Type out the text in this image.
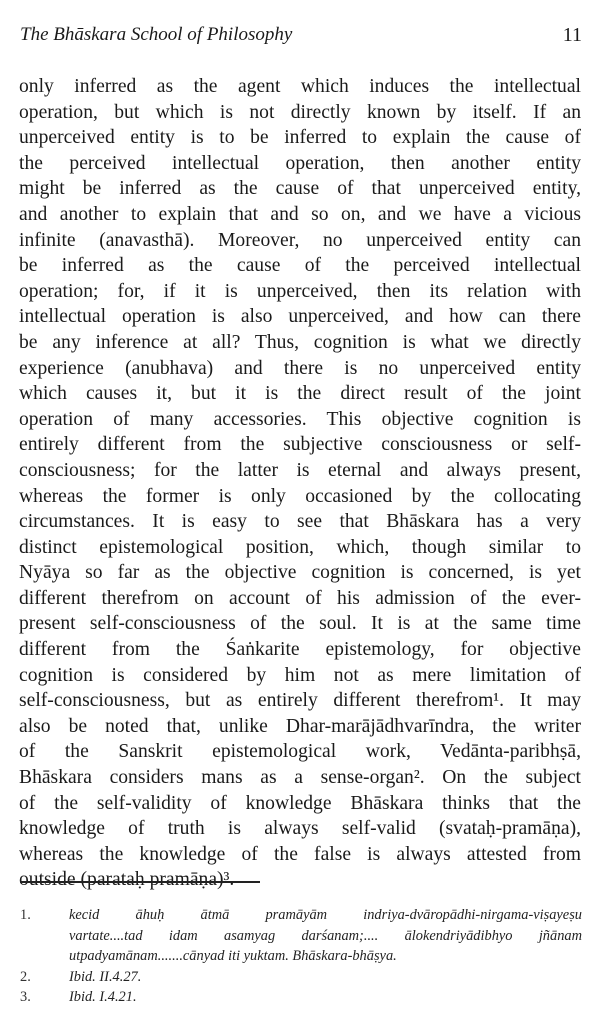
The Bhāskara School of Philosophy	11
only inferred as the agent which induces the intellectual
operation, but which is not directly known by itself. If an
unperceived entity is to be inferred to explain the cause of
the perceived intellectual operation, then another entity
might be inferred as the cause of that unperceived entity,
and another to explain that and so on, and we have a vicious
infinite (anavasthā). Moreover, no unperceived entity can
be inferred as the cause of the perceived intellectual
operation; for, if it is unperceived, then its relation with
intellectual operation is also unperceived, and how can there
be any inference at all? Thus, cognition is what we directly
experience (anubhava) and there is no unperceived entity
which causes it, but it is the direct result of the joint
operation of many accessories. This objective cognition is
entirely different from the subjective consciousness or self-
consciousness; for the latter is eternal and always present,
whereas the former is only occasioned by the collocating
circumstances. It is easy to see that Bhāskara has a very
distinct epistemological position, which, though similar to
Nyāya so far as the objective cognition is concerned, is yet
different therefrom on account of his admission of the ever-
present self-consciousness of the soul. It is at the same time
different from the Śaṅkarite epistemology, for objective
cognition is considered by him not as mere limitation of
self-consciousness, but as entirely different therefrom¹. It may
also be noted that, unlike Dhar-marājādhvarīndra, the writer
of the Sanskrit epistemological work, Vedānta-paribhṣā,
Bhāskara considers mans as a sense-organ². On the subject
of the self-validity of knowledge Bhāskara thinks that the
knowledge of truth is always self-valid (svataḥ-pramāṇa),
whereas the knowledge of the false is always attested from
outside (parataḥ pramāṇa)³.
1.	kecid āhuḥ ātmā pramāyām indriya-dvāropādhi-nirgama-viṣayeṣu
vartate....tad idam asamyag darśanam;.... ālokendriyādibhyo jñānam
utpadyamānam.......cānyad iti yuktam. Bhāskara-bhāṣya.
2.	Ibid. II.4.27.
3.	Ibid. I.4.21.
